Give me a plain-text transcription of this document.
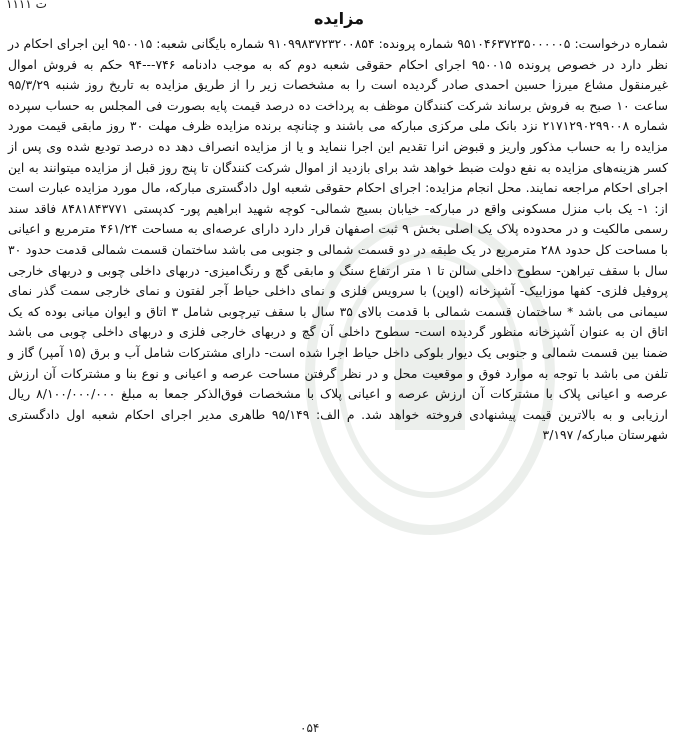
ت ۱۱۱۱
مزایده

شماره درخواست: ۹۵۱۰۴۶۳۷۲۳۵۰۰۰۰۰۵ شماره پرونده: ۹۱۰۹۹۸۳۷۲۳۲۰۰۸۵۴ شماره بایگانی شعبه: ۹۵۰۰۱۵ این اجرای احکام در نظر دارد در خصوص پرونده ۹۵۰۰۱۵ اجرای احکام حقوقی شعبه دوم که به موجب دادنامه ۷۴۶---۹۴ حکم به فروش اموال غیرمنقول مشاع میرزا حسین احمدی صادر گردیده است را به مشخصات زیر را از طریق مزایده به تاریخ روز شنبه ۹۵/۳/۲۹ ساعت ۱۰ صبح به فروش برساند شرکت کنندگان موظف به پرداخت ده درصد قیمت پایه بصورت فی المجلس به حساب سپرده شماره ۲۱۷۱۲۹۰۲۹۹۰۰۸ نزد بانک ملی مرکزی مبارکه می باشند و چنانچه برنده مزایده ظرف مهلت ۳۰ روز مابقی قیمت مورد مزایده را به حساب مذکور واریز و قبوض انرا تقدیم این اجرا ننماید و یا از مزایده انصراف دهد ده درصد تودیع شده وی پس از کسر هزینه‌های مزایده به نفع دولت ضبط خواهد شد برای بازدید از اموال شرکت کنندگان تا پنج روز قبل از مزایده میتوانند به این اجرای احکام مراجعه نمایند. محل انجام مزایده: اجرای احکام حقوقی شعبه اول دادگستری مبارکه، مال مورد مزایده عبارت است از: ۱- یک باب منزل مسکونی واقع در مبارکه- خیابان بسیج شمالی- کوچه شهید ابراهیم پور- کدپستی ۸۴۸۱۸۴۳۷۷۱ فاقد سند رسمی مالکیت و در محدوده پلاک یک اصلی بخش ۹ ثبت اصفهان قرار دارد دارای عرصه‌ای به مساحت ۴۶۱/۲۴ مترمربع و اعیانی با مساحت کل حدود ۲۸۸ مترمربع در یک طبقه در دو قسمت شمالی و جنوبی می باشد ساختمان قسمت شمالی قدمت حدود ۳۰ سال با سقف تیراهن- سطوح داخلی سالن تا ۱ متر ارتفاع سنگ و مابقی گچ و رنگ‌امیزی- دربهای داخلی چوبی و دربهای خارجی پروفیل فلزی- کفها موزاییک- آشپزخانه (اوپن) با سرویس فلزی و نمای داخلی حیاط آجر لفتون و نمای خارجی سمت گذر نمای سیمانی می باشد * ساختمان قسمت شمالی با قدمت بالای ۳۵ سال با سقف تیرچوبی شامل ۳ اتاق و ایوان میانی بوده که یک اتاق ان به عنوان آشپزخانه منظور گردیده است- سطوح داخلی آن گچ و دربهای خارجی فلزی و دربهای داخلی چوبی می باشد ضمنا بین قسمت شمالی و جنوبی یک دیوار بلوکی داخل حیاط اجرا شده است- دارای مشترکات شامل آب و برق (۱۵ آمپر) گاز و تلفن می باشد با توجه به موارد فوق و موقعیت محل و در نظر گرفتن مساحت عرصه و اعیانی و نوع بنا و مشترکات آن ارزش عرصه و اعیانی پلاک با مشترکات آن ارزش عرصه و اعیانی پلاک با مشخصات فوق‌الذکر جمعا به مبلغ ۸/۱۰۰/۰۰۰/۰۰۰ ریال ارزیابی و به بالاترین قیمت پیشنهادی فروخته خواهد شد. م الف: ۹۵/۱۴۹ طاهری مدیر اجرای احکام شعبه اول دادگستری شهرستان مبارکه/ ۳/۱۹۷

۰۵۴
